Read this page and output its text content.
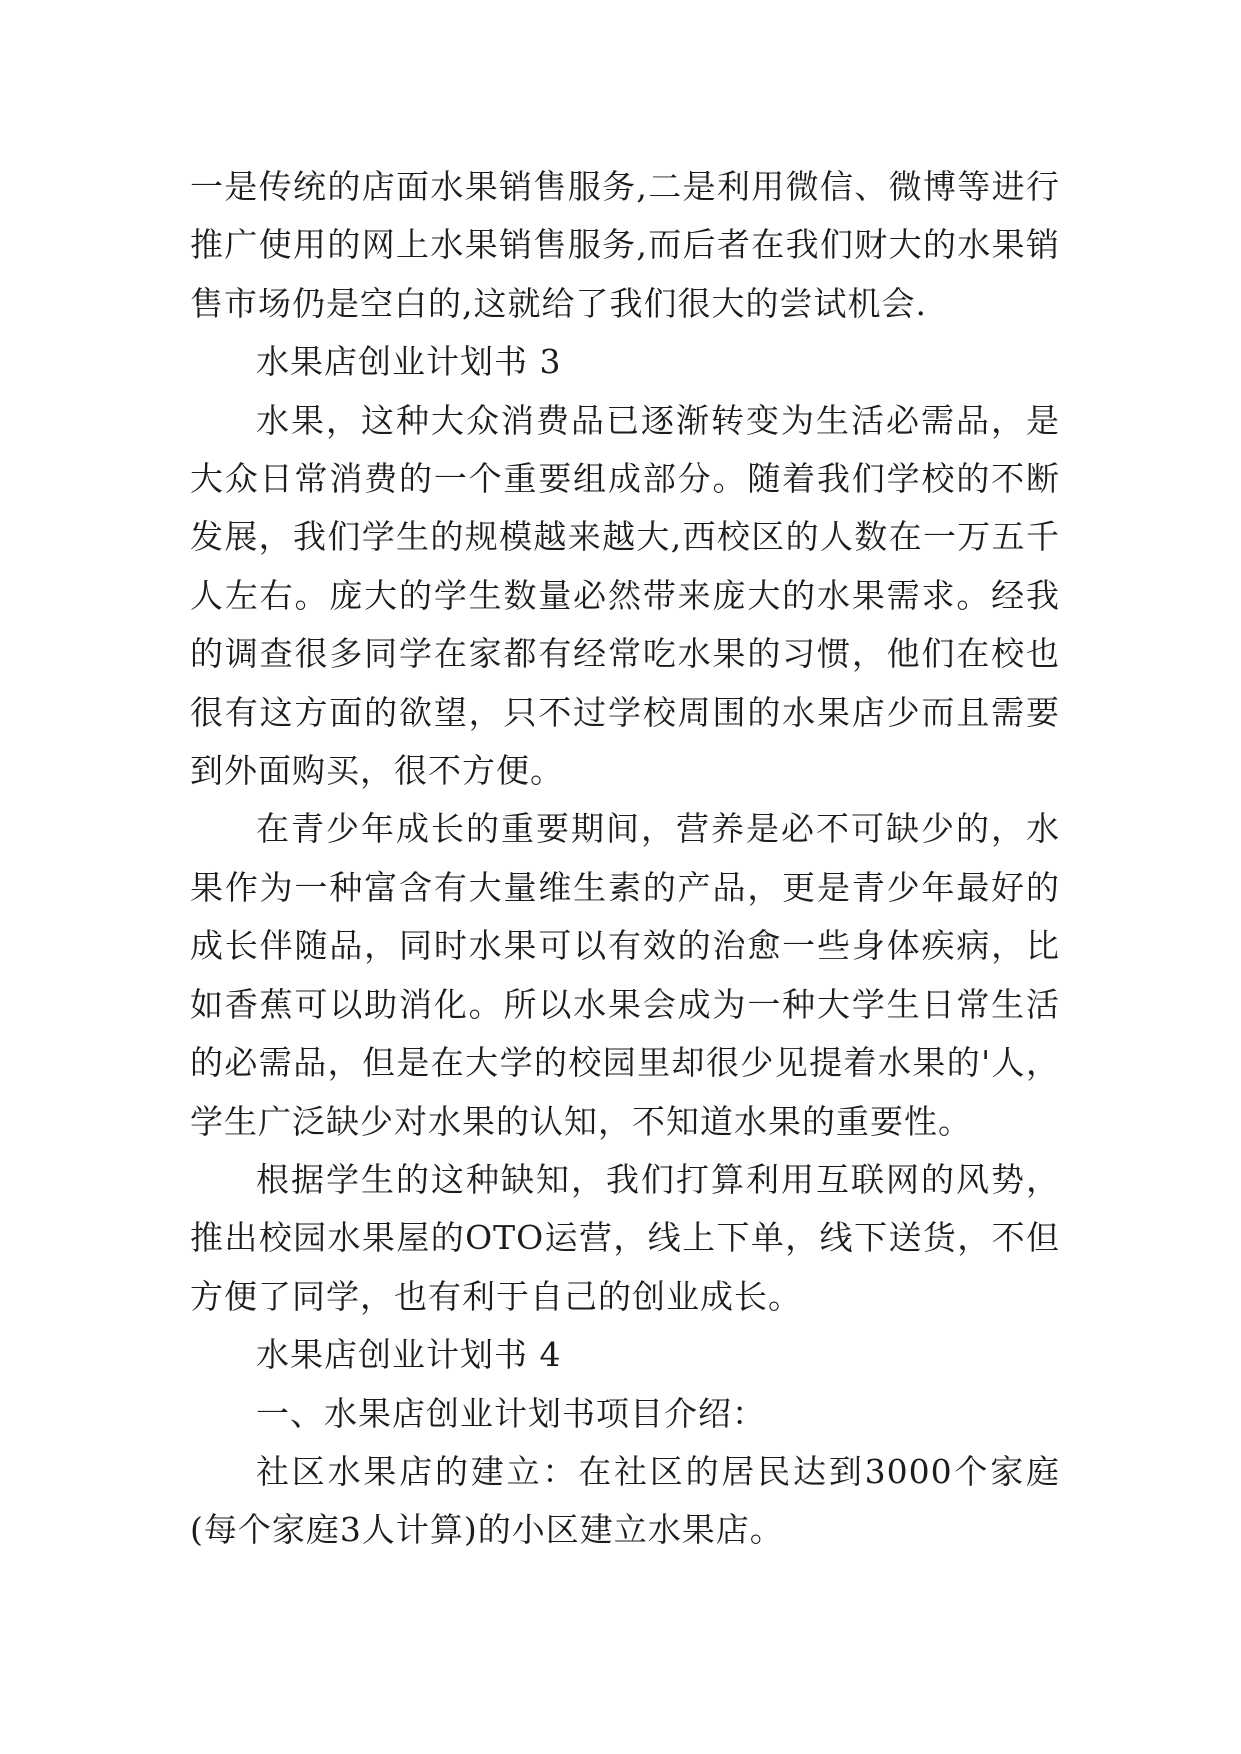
一是传统的店面水果销售服务,二是利用微信、微博等进行推广使用的网上水果销售服务,而后者在我们财大的水果销售市场仍是空白的,这就给了我们很大的尝试机会.

水果店创业计划书 3

水果，这种大众消费品已逐渐转变为生活必需品，是大众日常消费的一个重要组成部分。随着我们学校的不断发展，我们学生的规模越来越大,西校区的人数在一万五千人左右。庞大的学生数量必然带来庞大的水果需求。经我的调查很多同学在家都有经常吃水果的习惯，他们在校也很有这方面的欲望，只不过学校周围的水果店少而且需要到外面购买，很不方便。

在青少年成长的重要期间，营养是必不可缺少的，水果作为一种富含有大量维生素的产品，更是青少年最好的成长伴随品，同时水果可以有效的治愈一些身体疾病，比如香蕉可以助消化。所以水果会成为一种大学生日常生活的必需品，但是在大学的校园里却很少见提着水果的'人，学生广泛缺少对水果的认知，不知道水果的重要性。

根据学生的这种缺知，我们打算利用互联网的风势，推出校园水果屋的OTO运营，线上下单，线下送货，不但方便了同学，也有利于自己的创业成长。

水果店创业计划书 4

一、水果店创业计划书项目介绍：

社区水果店的建立：在社区的居民达到3000个家庭(每个家庭3人计算)的小区建立水果店。
